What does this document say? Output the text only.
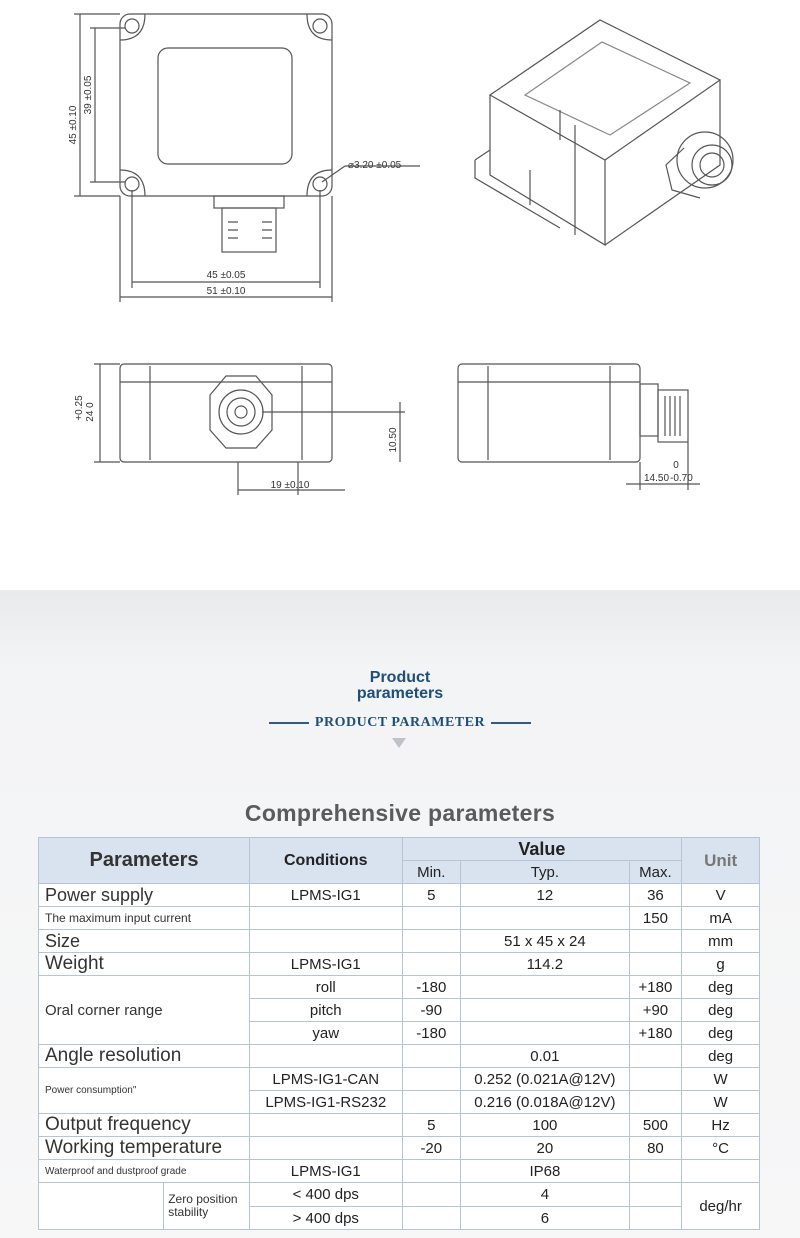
45 ±0.10
39 ±0.05
⌀3.20 ±0.05
45 ±0.05
51 ±0.10
+0.25 24 0
10.50
19 ±0.10
0
14.50 -0.70
Product
parameters
PRODUCT PARAMETER
Comprehensive parameters
Parameters		Conditions	Value			Unit
			Min.	Typ.	Max.	
Power supply		LPMS-IG1	5	12	36	V
The maximum input current					150	mA
Size				51 x 45 x 24		mm
Weight		LPMS-IG1		114.2		g
Oral corner range		roll	-180		+180	deg
		pitch	-90		+90	deg
		yaw	-180		+180	deg
Angle resolution				0.01		deg
Power consumption"		LPMS-IG1-CAN		0.252 (0.021A@12V)		W
		LPMS-IG1-RS232		0.216 (0.018A@12V)		W
Output frequency			5	100	500	Hz
Working temperature			-20	20	80	°C
Waterproof and dustproof grade		LPMS-IG1		IP68		
	Zero position stability	< 400 dps		4		deg/hr
		> 400 dps		6		
